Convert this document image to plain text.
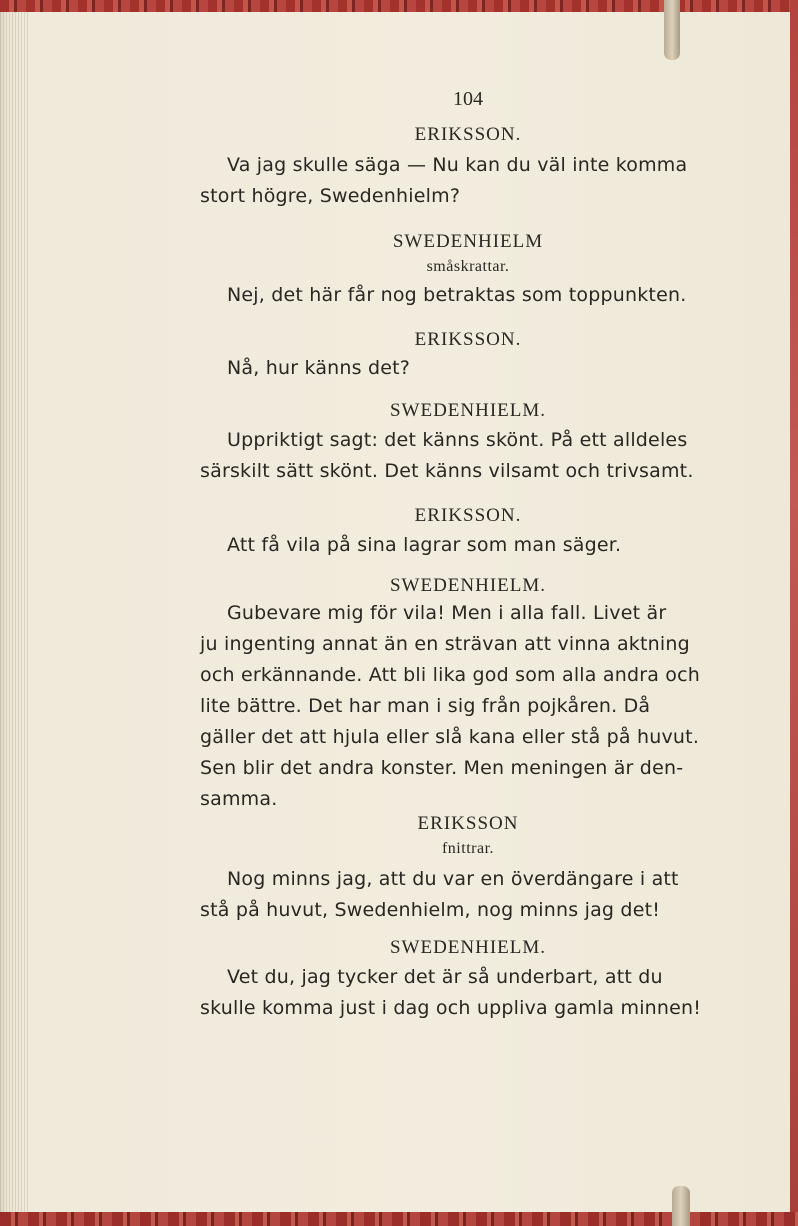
104
ERIKSSON.
Va jag skulle säga — Nu kan du väl inte komma
stort högre, Swedenhielm?
SWEDENHIELM
småskrattar.
Nej, det här får nog betraktas som toppunkten.
ERIKSSON.
Nå, hur känns det?
SWEDENHIELM.
Uppriktigt sagt: det känns skönt. På ett alldeles
särskilt sätt skönt. Det känns vilsamt och trivsamt.
ERIKSSON.
Att få vila på sina lagrar som man säger.
SWEDENHIELM.
Gubevare mig för vila! Men i alla fall. Livet är
ju ingenting annat än en strävan att vinna aktning
och erkännande. Att bli lika god som alla andra och
lite bättre. Det har man i sig från pojkåren. Då
gäller det att hjula eller slå kana eller stå på huvut.
Sen blir det andra konster. Men meningen är den-
samma.
ERIKSSON
fnittrar.
Nog minns jag, att du var en överdängare i att
stå på huvut, Swedenhielm, nog minns jag det!
SWEDENHIELM.
Vet du, jag tycker det är så underbart, att du
skulle komma just i dag och uppliva gamla minnen!
